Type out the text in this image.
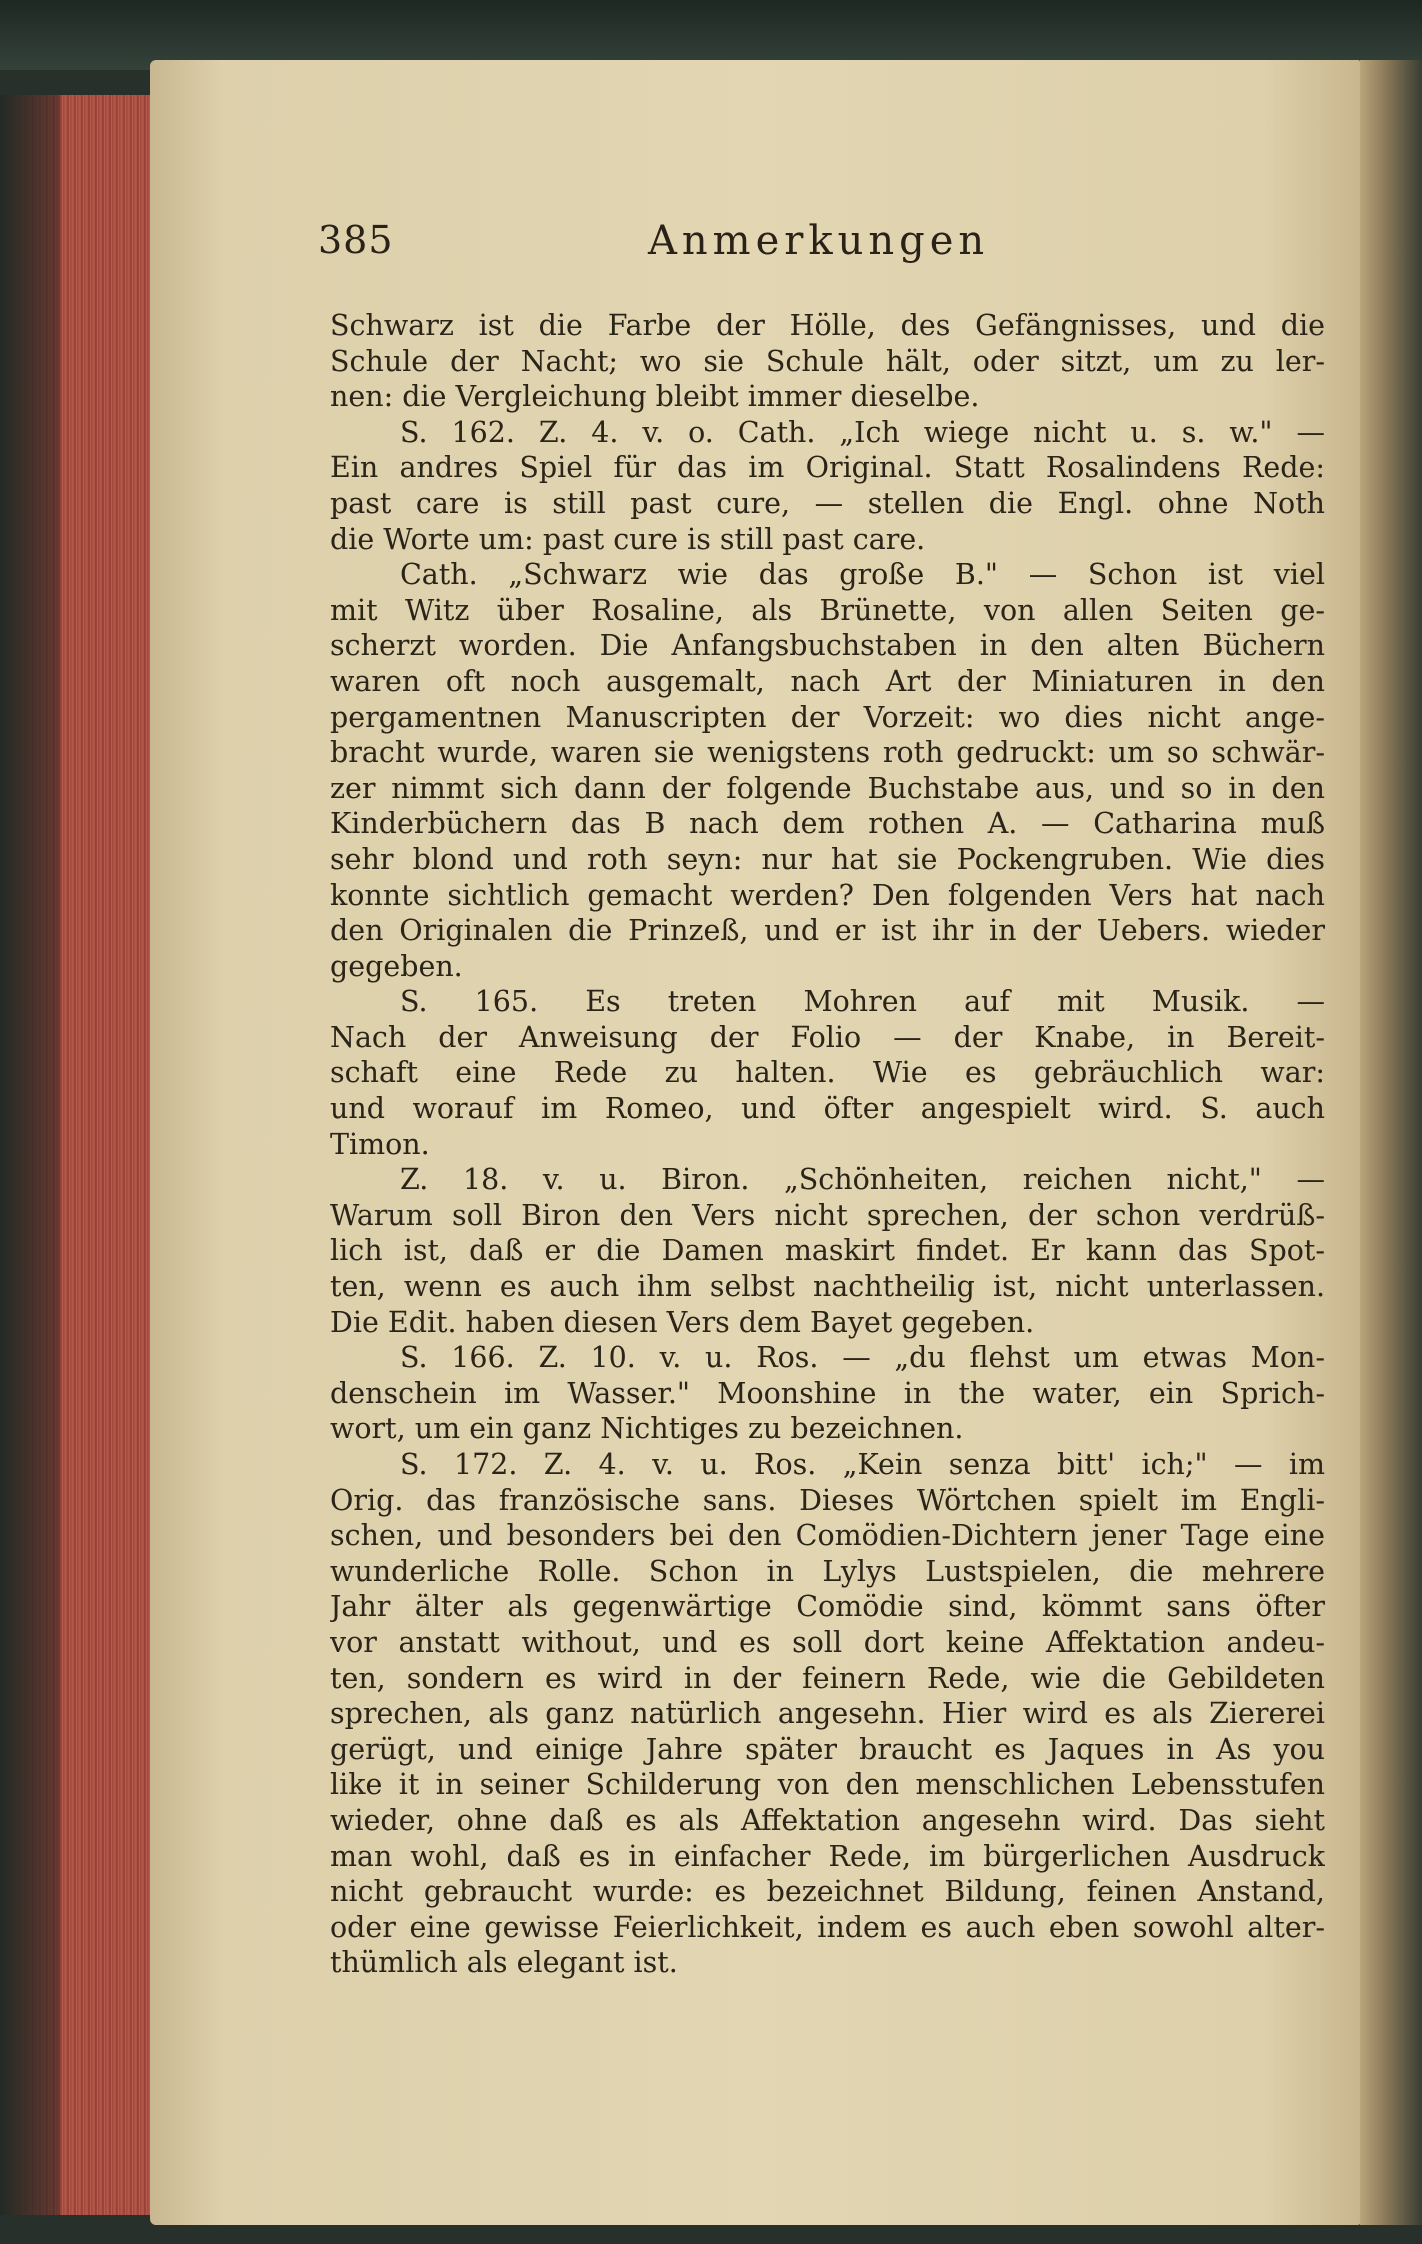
385	Anmerkungen
Schwarz ist die Farbe der Hölle, des Gefängnisses, und die
Schule der Nacht; wo sie Schule hält, oder sitzt, um zu ler-
nen: die Vergleichung bleibt immer dieselbe.
S. 162. Z. 4. v. o. Cath. „Ich wiege nicht u. s. w." —
Ein andres Spiel für das im Original. Statt Rosalindens Rede:
past care is still past cure, — stellen die Engl. ohne Noth
die Worte um: past cure is still past care.
Cath. „Schwarz wie das große B." — Schon ist viel
mit Witz über Rosaline, als Brünette, von allen Seiten ge-
scherzt worden. Die Anfangsbuchstaben in den alten Büchern
waren oft noch ausgemalt, nach Art der Miniaturen in den
pergamentnen Manuscripten der Vorzeit: wo dies nicht ange-
bracht wurde, waren sie wenigstens roth gedruckt: um so schwär-
zer nimmt sich dann der folgende Buchstabe aus, und so in den
Kinderbüchern das B nach dem rothen A. — Catharina muß
sehr blond und roth seyn: nur hat sie Pockengruben. Wie dies
konnte sichtlich gemacht werden? Den folgenden Vers hat nach
den Originalen die Prinzeß, und er ist ihr in der Uebers. wieder
gegeben.
S. 165. Es treten Mohren auf mit Musik. —
Nach der Anweisung der Folio — der Knabe, in Bereit-
schaft eine Rede zu halten. Wie es gebräuchlich war:
und worauf im Romeo, und öfter angespielt wird. S. auch
Timon.
Z. 18. v. u. Biron. „Schönheiten, reichen nicht," —
Warum soll Biron den Vers nicht sprechen, der schon verdrüß-
lich ist, daß er die Damen maskirt findet. Er kann das Spot-
ten, wenn es auch ihm selbst nachtheilig ist, nicht unterlassen.
Die Edit. haben diesen Vers dem Bayet gegeben.
S. 166. Z. 10. v. u. Ros. — „du flehst um etwas Mon-
denschein im Wasser." Moonshine in the water, ein Sprich-
wort, um ein ganz Nichtiges zu bezeichnen.
S. 172. Z. 4. v. u. Ros. „Kein senza bitt' ich;" — im
Orig. das französische sans. Dieses Wörtchen spielt im Engli-
schen, und besonders bei den Comödien-Dichtern jener Tage eine
wunderliche Rolle. Schon in Lylys Lustspielen, die mehrere
Jahr älter als gegenwärtige Comödie sind, kömmt sans öfter
vor anstatt without, und es soll dort keine Affektation andeu-
ten, sondern es wird in der feinern Rede, wie die Gebildeten
sprechen, als ganz natürlich angesehn. Hier wird es als Ziererei
gerügt, und einige Jahre später braucht es Jaques in As you
like it in seiner Schilderung von den menschlichen Lebensstufen
wieder, ohne daß es als Affektation angesehn wird. Das sieht
man wohl, daß es in einfacher Rede, im bürgerlichen Ausdruck
nicht gebraucht wurde: es bezeichnet Bildung, feinen Anstand,
oder eine gewisse Feierlichkeit, indem es auch eben sowohl alter-
thümlich als elegant ist.
